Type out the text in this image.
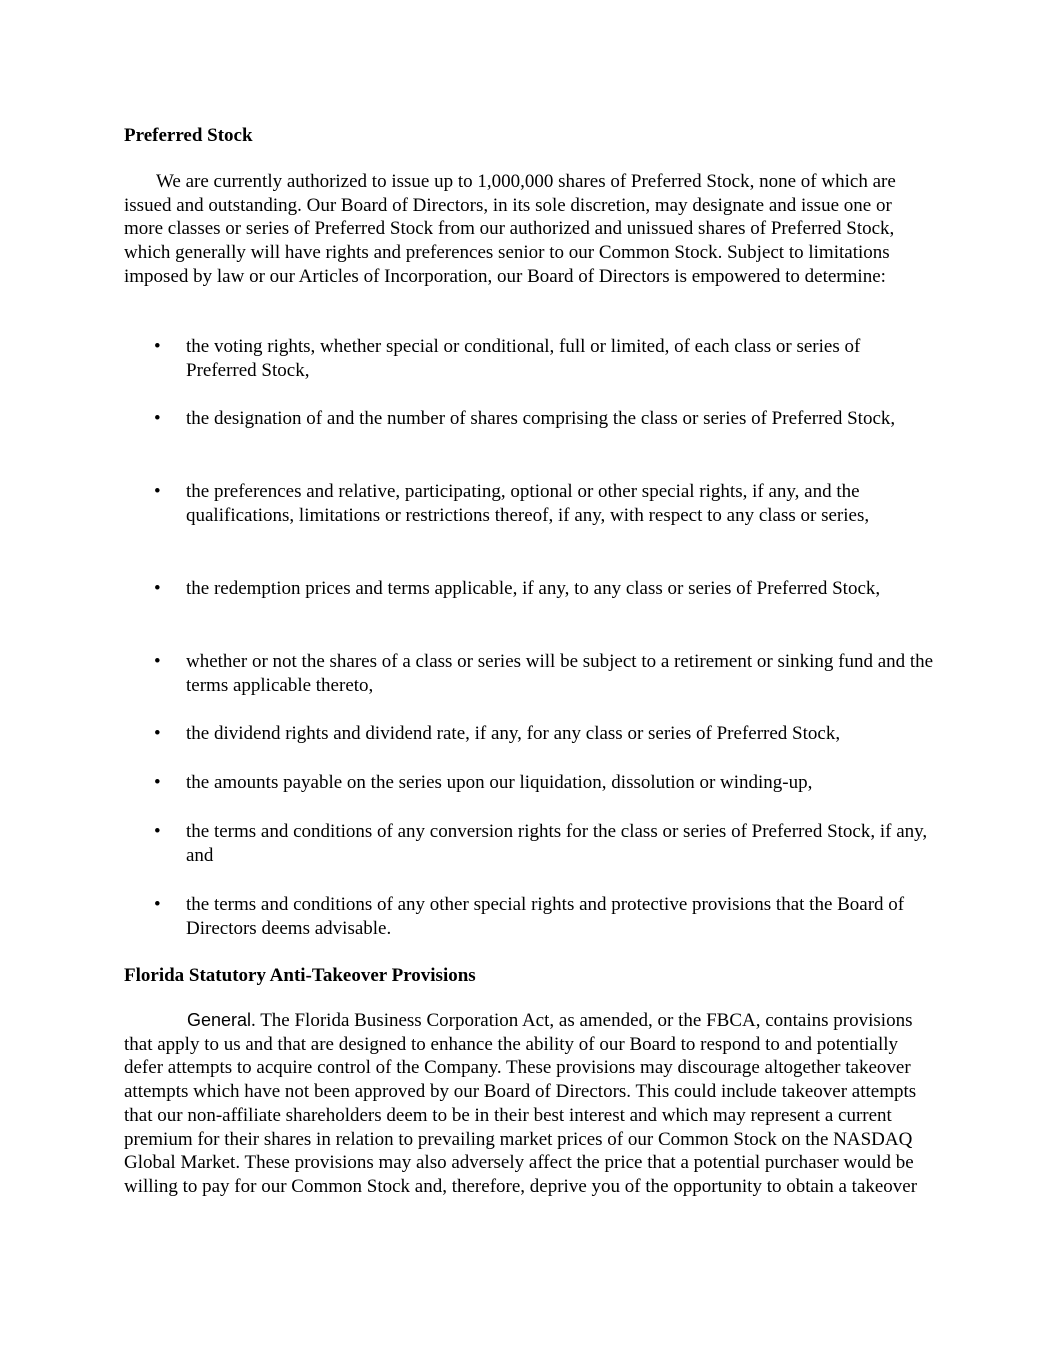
Preferred Stock

We are currently authorized to issue up to 1,000,000 shares of Preferred Stock, none of which are issued and outstanding. Our Board of Directors, in its sole discretion, may designate and issue one or more classes or series of Preferred Stock from our authorized and unissued shares of Preferred Stock, which generally will have rights and preferences senior to our Common Stock. Subject to limitations imposed by law or our Articles of Incorporation, our Board of Directors is empowered to determine:

• the voting rights, whether special or conditional, full or limited, of each class or series of Preferred Stock,
• the designation of and the number of shares comprising the class or series of Preferred Stock,
• the preferences and relative, participating, optional or other special rights, if any, and the qualifications, limitations or restrictions thereof, if any, with respect to any class or series,
• the redemption prices and terms applicable, if any, to any class or series of Preferred Stock,
• whether or not the shares of a class or series will be subject to a retirement or sinking fund and the terms applicable thereto,
• the dividend rights and dividend rate, if any, for any class or series of Preferred Stock,
• the amounts payable on the series upon our liquidation, dissolution or winding-up,
• the terms and conditions of any conversion rights for the class or series of Preferred Stock, if any, and
• the terms and conditions of any other special rights and protective provisions that the Board of Directors deems advisable.
Florida Statutory Anti-Takeover Provisions

General. The Florida Business Corporation Act, as amended, or the FBCA, contains provisions that apply to us and that are designed to enhance the ability of our Board to respond to and potentially defer attempts to acquire control of the Company. These provisions may discourage altogether takeover attempts which have not been approved by our Board of Directors. This could include takeover attempts that our non-affiliate shareholders deem to be in their best interest and which may represent a current premium for their shares in relation to prevailing market prices of our Common Stock on the NASDAQ Global Market. These provisions may also adversely affect the price that a potential purchaser would be willing to pay for our Common Stock and, therefore, deprive you of the opportunity to obtain a takeover
